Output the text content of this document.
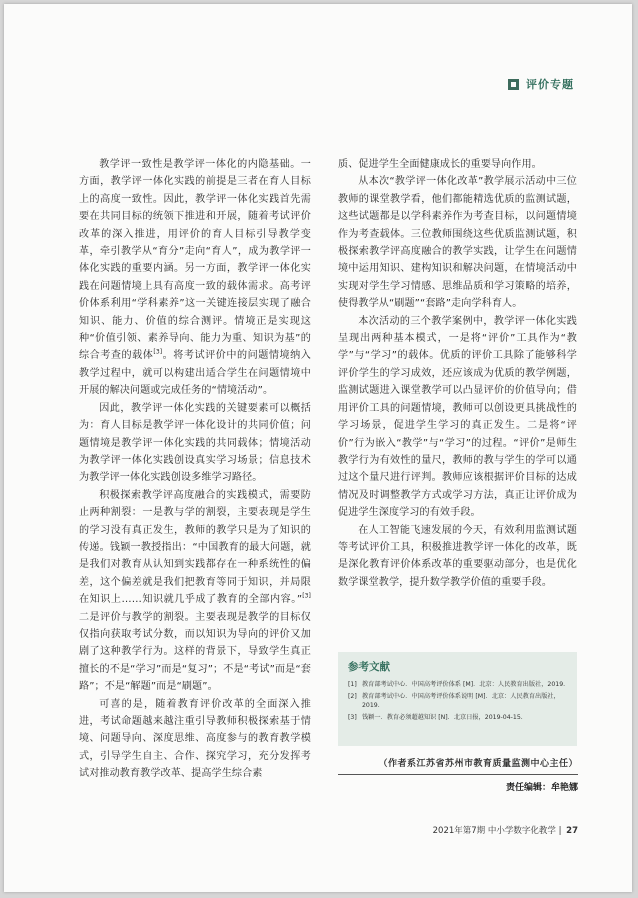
评价专题

教学评一致性是教学评一体化的内隐基础。一方面，教学评一体化实践的前提是三者在育人目标上的高度一致性。因此，教学评一体化实践首先需要在共同目标的统领下推进和开展，随着考试评价改革的深入推进，用评价的育人目标引导教学变革，牵引教学从“育分”走向“育人”，成为教学评一体化实践的重要内涵。另一方面，教学评一体化实践在问题情境上具有高度一致的载体需求。高考评价体系利用“学科素养”这一关键连接层实现了融合知识、能力、价值的综合测评。情境正是实现这种“价值引领、素养导向、能力为重、知识为基”的综合考查的载体[3]。将考试评价中的问题情境纳入教学过程中，就可以构建出适合学生在问题情境中开展的解决问题或完成任务的“情境活动”。

因此，教学评一体化实践的关键要素可以概括为：育人目标是教学评一体化设计的共同价值；问题情境是教学评一体化实践的共同载体；情境活动为教学评一体化实践创设真实学习场景；信息技术为教学评一体化实践创设多维学习路径。

积极探索教学评高度融合的实践模式，需要防止两种割裂：一是教与学的割裂，主要表现是学生的学习没有真正发生，教师的教学只是为了知识的传递。钱颖一教授指出：“中国教育的最大问题，就是我们对教育从认知到实践都存在一种系统性的偏差，这个偏差就是我们把教育等同于知识，并局限在知识上……知识就几乎成了教育的全部内容。”[3]二是评价与教学的割裂。主要表现是教学的目标仅仅指向获取考试分数，而以知识为导向的评价又加剧了这种教学行为。这样的背景下，导致学生真正擅长的不是“学习”而是“复习”；不是“考试”而是“套路”；不是“解题”而是“刷题”。

可喜的是，随着教育评价改革的全面深入推进，考试命题越来越注重引导教师积极探索基于情境、问题导向、深度思维、高度参与的教育教学模式，引导学生自主、合作、探究学习，充分发挥考试对推动教育教学改革、提高学生综合素

质、促进学生全面健康成长的重要导向作用。

从本次“教学评一体化改革”教学展示活动中三位教师的课堂教学看，他们都能精选优质的监测试题，这些试题都是以学科素养作为考查目标，以问题情境作为考查载体。三位教师围绕这些优质监测试题，积极探索教学评高度融合的教学实践，让学生在问题情境中运用知识、建构知识和解决问题，在情境活动中实现对学生学习情感、思维品质和学习策略的培养，使得教学从“刷题”“套路”走向学科育人。

本次活动的三个教学案例中，教学评一体化实践呈现出两种基本模式，一是将“评价”工具作为“教学”与“学习”的载体。优质的评价工具除了能够科学评价学生的学习成效，还应该成为优质的教学例题，监测试题进入课堂教学可以凸显评价的价值导向；借用评价工具的问题情境，教师可以创设更具挑战性的学习场景，促进学生学习的真正发生。二是将“评价”行为嵌入“教学”与“学习”的过程。“评价”是师生教学行为有效性的量尺，教师的教与学生的学可以通过这个量尺进行评判。教师应该根据评价目标的达成情况及时调整教学方式或学习方法，真正让评价成为促进学生深度学习的有效手段。

在人工智能飞速发展的今天，有效利用监测试题等考试评价工具，积极推进教学评一体化的改革，既是深化教育评价体系改革的重要驱动部分，也是优化数学课堂教学，提升数学教学价值的重要手段。

参考文献
[1] 教育部考试中心．中国高考评价体系 [M]．北京：人民教育出版社，2019.
[2] 教育部考试中心．中国高考评价体系说明 [M]．北京：人民教育出版社，2019.
[3] 钱颖一．教育必须超越知识 [N]．北京日报，2019-04-15.
（作者系江苏省苏州市教育质量监测中心主任）
责任编辑：牟艳娜
2021年第7期 中小学数字化教学 | 27
